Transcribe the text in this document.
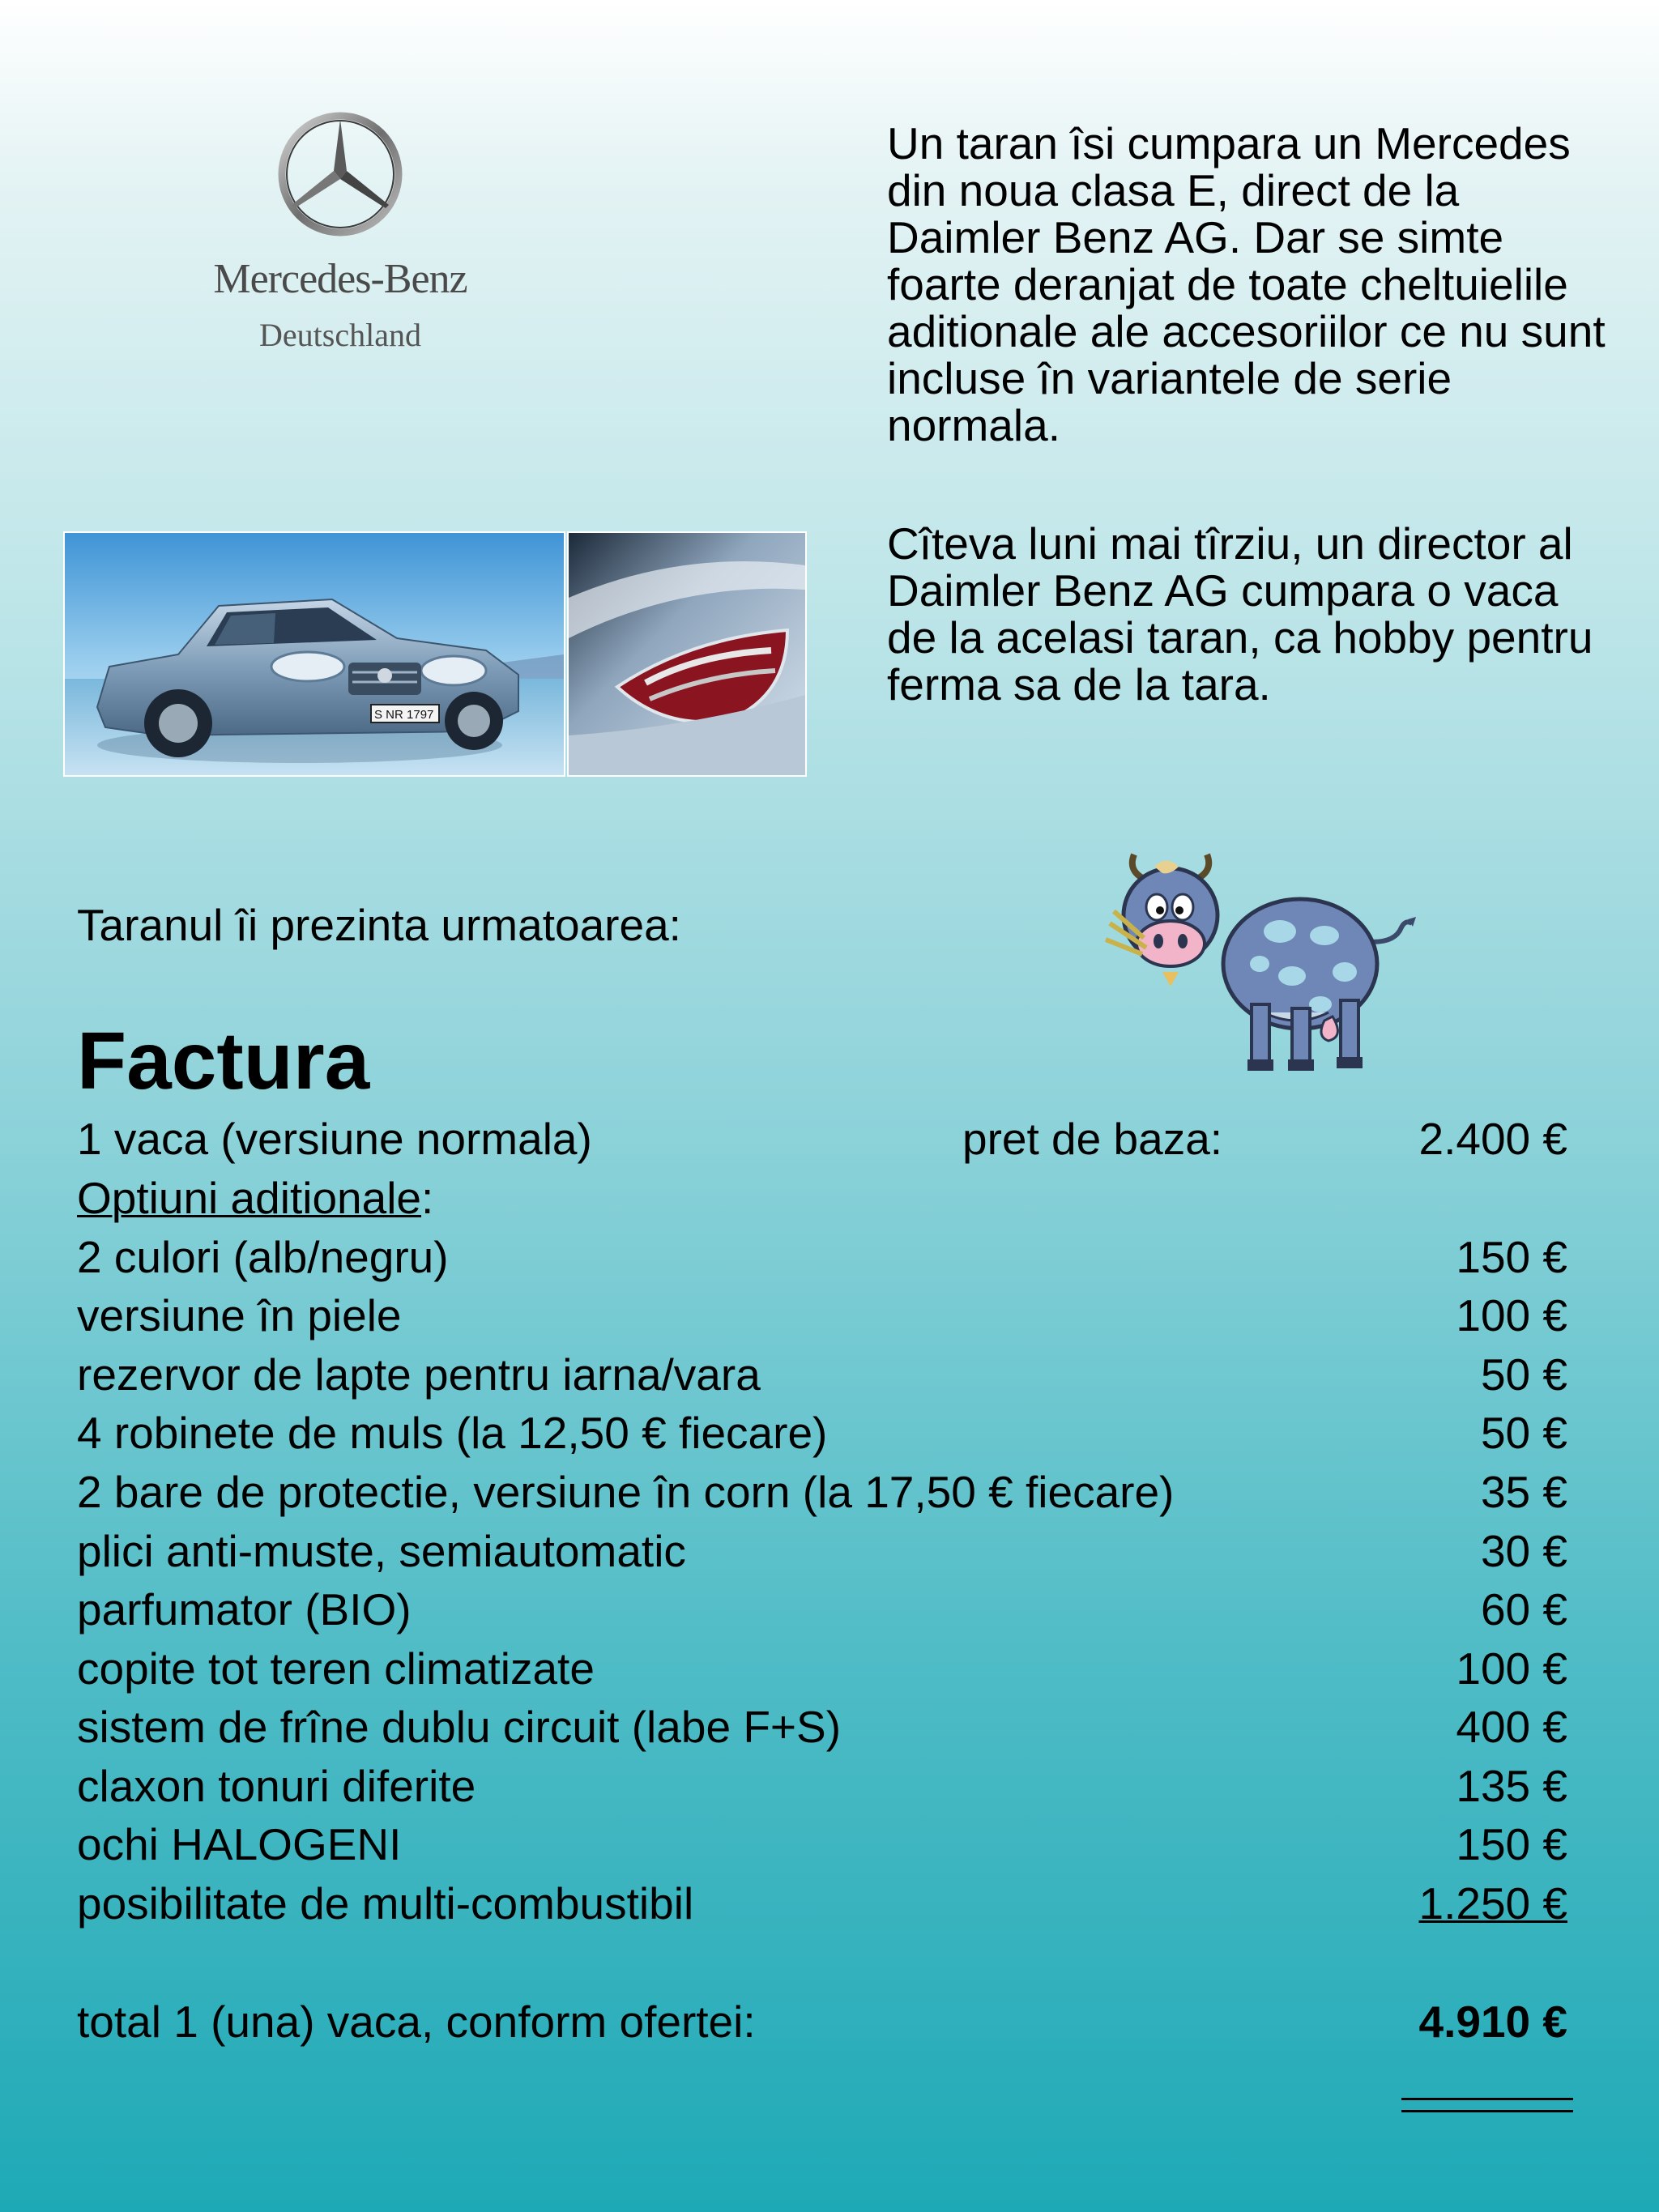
Mercedes-Benz
Deutschland
Un taran îsi cumpara un Mercedes din noua clasa E, direct de la Daimler Benz AG. Dar se simte foarte deranjat de toate cheltuielile aditionale ale accesoriilor ce nu sunt incluse în variantele de serie normala.
Cîteva luni mai tîrziu, un director al Daimler Benz AG cumpara o vaca de la acelasi taran, ca hobby pentru ferma sa de la tara.
S NR 1797
Taranul îi prezinta urmatoarea:
Factura
1 vaca (versiune normala)	pret de baza:	2.400 €
Optiuni aditionale:
2 culori (alb/negru)	150 €
versiune în piele	100 €
rezervor de lapte pentru iarna/vara	50 €
4 robinete de muls (la 12,50 € fiecare)	50 €
2 bare de protectie, versiune în corn (la 17,50 € fiecare)	35 €
plici anti-muste, semiautomatic	30 €
parfumator (BIO)	60 €
copite tot teren climatizate	100 €
sistem de frîne dublu circuit (labe F+S)	400 €
claxon tonuri diferite	135 €
ochi HALOGENI	150 €
posibilitate de multi-combustibil	1.250 €
total 1 (una) vaca, conform ofertei:	4.910 €
